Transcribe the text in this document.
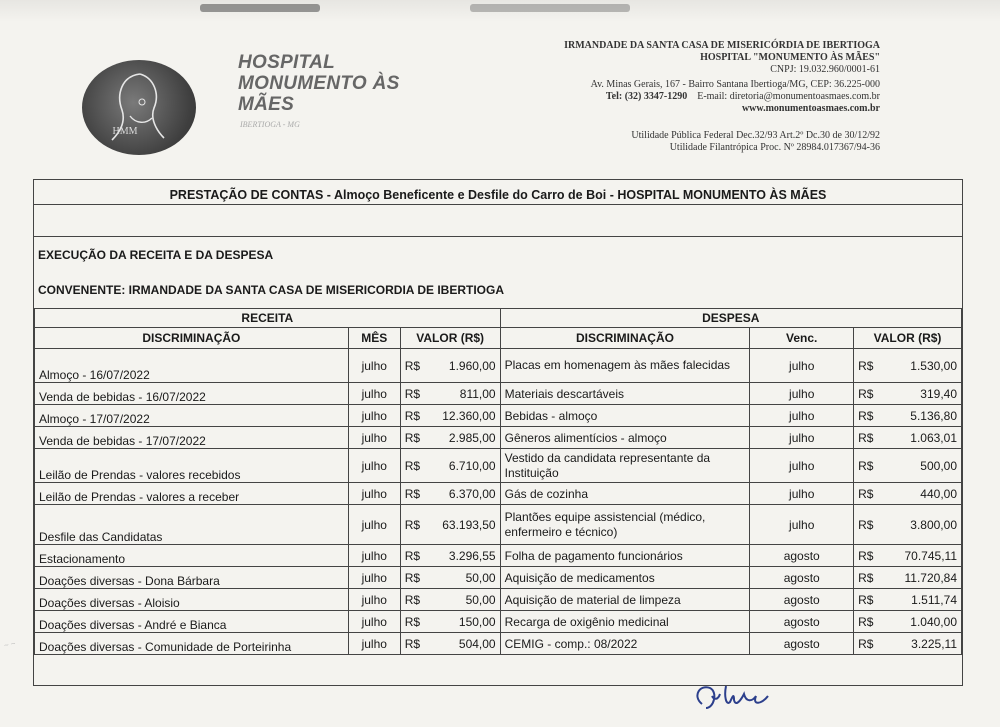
HMM
HOSPITAL
MONUMENTO ÀS
MÃES
IBERTIOGA - MG
IRMANDADE DA SANTA CASA DE MISERICÓRDIA DE IBERTIOGA
HOSPITAL "MONUMENTO ÀS MÃES"
CNPJ: 19.032.960/0001-61
Av. Minas Gerais, 167 - Bairro Santana Ibertioga/MG, CEP: 36.225-000
Tel: (32) 3347-1290 E-mail: diretoria@monumentoasmaes.com.br
www.monumentoasmaes.com.br
Utilidade Pública Federal Dec.32/93 Art.2º Dc.30 de 30/12/92
Utilidade Filantrópica Proc. Nº 28984.017367/94-36
PRESTAÇÃO DE CONTAS - Almoço Beneficente e Desfile do Carro de Boi - HOSPITAL MONUMENTO ÀS MÃES
EXECUÇÃO DA RECEITA E DA DESPESA
CONVENENTE: IRMANDADE DA SANTA CASA DE MISERICORDIA DE IBERTIOGA
RECEITA			DESPESA		
DISCRIMINAÇÃO	MÊS	VALOR (R$)	DISCRIMINAÇÃO	Venc.	VALOR (R$)
Almoço - 16/07/2022	julho	R$ 1.960,00	Placas em homenagem às mães falecidas	julho	R$ 1.530,00

Venda de bebidas - 16/07/2022	julho	R$ 811,00	Materiais descartáveis	julho	R$ 319,40

Almoço - 17/07/2022	julho	R$ 12.360,00	Bebidas - almoço	julho	R$ 5.136,80

Venda de bebidas - 17/07/2022	julho	R$ 2.985,00	Gêneros alimentícios - almoço	julho	R$ 1.063,01

Leilão de Prendas - valores recebidos	julho	R$ 6.710,00	Vestido da candidata representante da Instituição	julho	R$ 500,00

Leilão de Prendas - valores a receber	julho	R$ 6.370,00	Gás de cozinha	julho	R$ 440,00

Desfile das Candidatas	julho	R$ 63.193,50	Plantões equipe assistencial (médico, enfermeiro e técnico)	julho	R$ 3.800,00

Estacionamento	julho	R$ 3.296,55	Folha de pagamento funcionários	agosto	R$ 70.745,11

Doações diversas - Dona Bárbara	julho	R$ 50,00	Aquisição de medicamentos	agosto	R$ 11.720,84

Doações diversas - Aloisio	julho	R$ 50,00	Aquisição de material de limpeza	agosto	R$ 1.511,74

Doações diversas - André e Bianca	julho	R$ 150,00	Recarga de oxigênio medicinal	agosto	R$ 1.040,00

Doações diversas - Comunidade de Porteirinha	julho	R$ 504,00	CEMIG - comp.: 08/2022	agosto	R$ 3.225,11
~ ~
